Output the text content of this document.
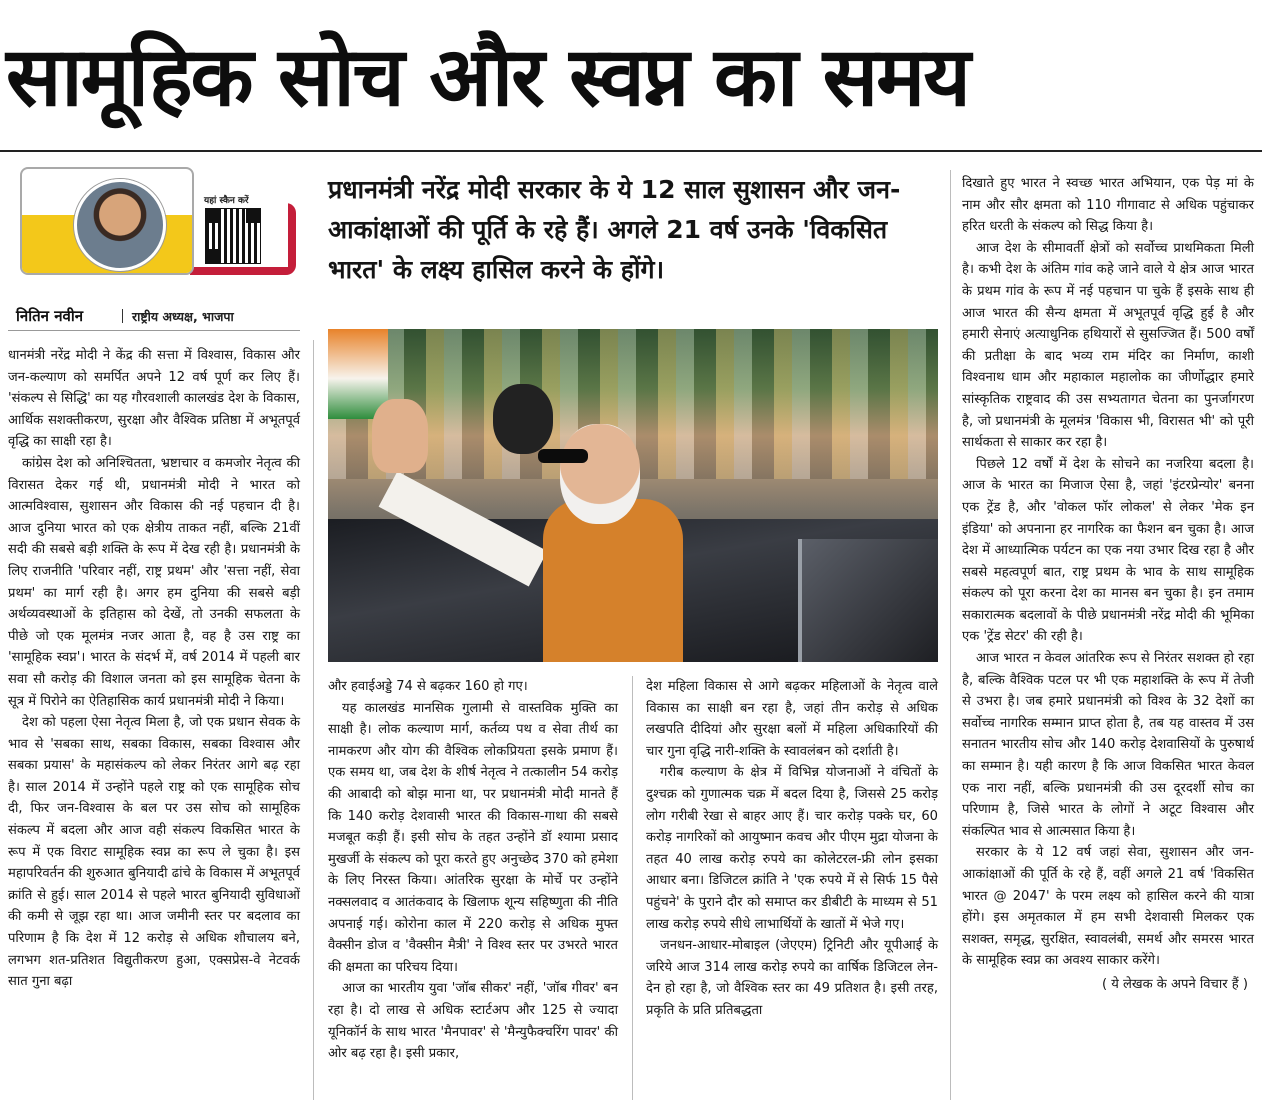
सामूहिक सोच और स्वप्न का समय
यहां स्कैन करें
नितिन नवीन	राष्ट्रीय अध्यक्ष, भाजपा

प्रधानमंत्री नरेंद्र मोदी सरकार के ये 12 साल सुशासन और जन-आकांक्षाओं की पूर्ति के रहे हैं। अगले 21 वर्ष उनके 'विकसित भारत' के लक्ष्य हासिल करने के होंगे।

धानमंत्री नरेंद्र मोदी ने केंद्र की सत्ता में विश्वास, विकास और जन-कल्याण को समर्पित अपने 12 वर्ष पूर्ण कर लिए हैं। 'संकल्प से सिद्धि' का यह गौरवशाली कालखंड देश के विकास, आर्थिक सशक्तीकरण, सुरक्षा और वैश्विक प्रतिष्ठा में अभूतपूर्व वृद्धि का साक्षी रहा है।

कांग्रेस देश को अनिश्चितता, भ्रष्टाचार व कमजोर नेतृत्व की विरासत देकर गई थी, प्रधानमंत्री मोदी ने भारत को आत्मविश्वास, सुशासन और विकास की नई पहचान दी है। आज दुनिया भारत को एक क्षेत्रीय ताकत नहीं, बल्कि 21वीं सदी की सबसे बड़ी शक्ति के रूप में देख रही है। प्रधानमंत्री के लिए राजनीति 'परिवार नहीं, राष्ट्र प्रथम' और 'सत्ता नहीं, सेवा प्रथम' का मार्ग रही है। अगर हम दुनिया की सबसे बड़ी अर्थव्यवस्थाओं के इतिहास को देखें, तो उनकी सफलता के पीछे जो एक मूलमंत्र नजर आता है, वह है उस राष्ट्र का 'सामूहिक स्वप्न'। भारत के संदर्भ में, वर्ष 2014 में पहली बार सवा सौ करोड़ की विशाल जनता को इस सामूहिक चेतना के सूत्र में पिरोने का ऐतिहासिक कार्य प्रधानमंत्री मोदी ने किया।

देश को पहला ऐसा नेतृत्व मिला है, जो एक प्रधान सेवक के भाव से 'सबका साथ, सबका विकास, सबका विश्वास और सबका प्रयास' के महासंकल्प को लेकर निरंतर आगे बढ़ रहा है। साल 2014 में उन्होंने पहले राष्ट्र को एक सामूहिक सोच दी, फिर जन-विश्वास के बल पर उस सोच को सामूहिक संकल्प में बदला और आज वही संकल्प विकसित भारत के रूप में एक विराट सामूहिक स्वप्न का रूप ले चुका है। इस महापरिवर्तन की शुरुआत बुनियादी ढांचे के विकास में अभूतपूर्व क्रांति से हुई। साल 2014 से पहले भारत बुनियादी सुविधाओं की कमी से जूझ रहा था। आज जमीनी स्तर पर बदलाव का परिणाम है कि देश में 12 करोड़ से अधिक शौचालय बने, लगभग शत-प्रतिशत विद्युतीकरण हुआ, एक्सप्रेस-वे नेटवर्क सात गुना बढ़ा

और हवाईअड्डे 74 से बढ़कर 160 हो गए।

यह कालखंड मानसिक गुलामी से वास्तविक मुक्ति का साक्षी है। लोक कल्याण मार्ग, कर्तव्य पथ व सेवा तीर्थ का नामकरण और योग की वैश्विक लोकप्रियता इसके प्रमाण हैं। एक समय था, जब देश के शीर्ष नेतृत्व ने तत्कालीन 54 करोड़ की आबादी को बोझ माना था, पर प्रधानमंत्री मोदी मानते हैं कि 140 करोड़ देशवासी भारत की विकास-गाथा की सबसे मजबूत कड़ी हैं। इसी सोच के तहत उन्होंने डॉ श्यामा प्रसाद मुखर्जी के संकल्प को पूरा करते हुए अनुच्छेद 370 को हमेशा के लिए निरस्त किया। आंतरिक सुरक्षा के मोर्चे पर उन्होंने नक्सलवाद व आतंकवाद के खिलाफ शून्य सहिष्णुता की नीति अपनाई गई। कोरोना काल में 220 करोड़ से अधिक मुफ्त वैक्सीन डोज व 'वैक्सीन मैत्री' ने विश्व स्तर पर उभरते भारत की क्षमता का परिचय दिया।

आज का भारतीय युवा 'जॉब सीकर' नहीं, 'जॉब गीवर' बन रहा है। दो लाख से अधिक स्टार्टअप और 125 से ज्यादा यूनिकॉर्न के साथ भारत 'मैनपावर' से 'मैन्युफैक्चरिंग पावर' की ओर बढ़ रहा है। इसी प्रकार,

देश महिला विकास से आगे बढ़कर महिलाओं के नेतृत्व वाले विकास का साक्षी बन रहा है, जहां तीन करोड़ से अधिक लखपति दीदियां और सुरक्षा बलों में महिला अधिकारियों की चार गुना वृद्धि नारी-शक्ति के स्वावलंबन को दर्शाती है।

गरीब कल्याण के क्षेत्र में विभिन्न योजनाओं ने वंचितों के दुश्चक्र को गुणात्मक चक्र में बदल दिया है, जिससे 25 करोड़ लोग गरीबी रेखा से बाहर आए हैं। चार करोड़ पक्के घर, 60 करोड़ नागरिकों को आयुष्मान कवच और पीएम मुद्रा योजना के तहत 40 लाख करोड़ रुपये का कोलेटरल-फ्री लोन इसका आधार बना। डिजिटल क्रांति ने 'एक रुपये में से सिर्फ 15 पैसे पहुंचने' के पुराने दौर को समाप्त कर डीबीटी के माध्यम से 51 लाख करोड़ रुपये सीधे लाभार्थियों के खातों में भेजे गए।

जनधन-आधार-मोबाइल (जेएएम) ट्रिनिटी और यूपीआई के जरिये आज 314 लाख करोड़ रुपये का वार्षिक डिजिटल लेन-देन हो रहा है, जो वैश्विक स्तर का 49 प्रतिशत है। इसी तरह, प्रकृति के प्रति प्रतिबद्धता

दिखाते हुए भारत ने स्वच्छ भारत अभियान, एक पेड़ मां के नाम और सौर क्षमता को 110 गीगावाट से अधिक पहुंचाकर हरित धरती के संकल्प को सिद्ध किया है।

आज देश के सीमावर्ती क्षेत्रों को सर्वोच्च प्राथमिकता मिली है। कभी देश के अंतिम गांव कहे जाने वाले ये क्षेत्र आज भारत के प्रथम गांव के रूप में नई पहचान पा चुके हैं इसके साथ ही आज भारत की सैन्य क्षमता में अभूतपूर्व वृद्धि हुई है और हमारी सेनाएं अत्याधुनिक हथियारों से सुसज्जित हैं। 500 वर्षों की प्रतीक्षा के बाद भव्य राम मंदिर का निर्माण, काशी विश्वनाथ धाम और महाकाल महालोक का जीर्णोद्धार हमारे सांस्कृतिक राष्ट्रवाद की उस सभ्यतागत चेतना का पुनर्जागरण है, जो प्रधानमंत्री के मूलमंत्र 'विकास भी, विरासत भी' को पूरी सार्थकता से साकार कर रहा है।

पिछले 12 वर्षों में देश के सोचने का नजरिया बदला है। आज के भारत का मिजाज ऐसा है, जहां 'इंटरप्रेन्योर' बनना एक ट्रेंड है, और 'वोकल फॉर लोकल' से लेकर 'मेक इन इंडिया' को अपनाना हर नागरिक का फैशन बन चुका है। आज देश में आध्यात्मिक पर्यटन का एक नया उभार दिख रहा है और सबसे महत्वपूर्ण बात, राष्ट्र प्रथम के भाव के साथ सामूहिक संकल्प को पूरा करना देश का मानस बन चुका है। इन तमाम सकारात्मक बदलावों के पीछे प्रधानमंत्री नरेंद्र मोदी की भूमिका एक 'ट्रेंड सेटर' की रही है।

आज भारत न केवल आंतरिक रूप से निरंतर सशक्त हो रहा है, बल्कि वैश्विक पटल पर भी एक महाशक्ति के रूप में तेजी से उभरा है। जब हमारे प्रधानमंत्री को विश्व के 32 देशों का सर्वोच्च नागरिक सम्मान प्राप्त होता है, तब यह वास्तव में उस सनातन भारतीय सोच और 140 करोड़ देशवासियों के पुरुषार्थ का सम्मान है। यही कारण है कि आज विकसित भारत केवल एक नारा नहीं, बल्कि प्रधानमंत्री की उस दूरदर्शी सोच का परिणाम है, जिसे भारत के लोगों ने अटूट विश्वास और संकल्पित भाव से आत्मसात किया है।

सरकार के ये 12 वर्ष जहां सेवा, सुशासन और जन-आकांक्षाओं की पूर्ति के रहे हैं, वहीं अगले 21 वर्ष 'विकसित भारत @ 2047' के परम लक्ष्य को हासिल करने की यात्रा होंगे। इस अमृतकाल में हम सभी देशवासी मिलकर एक सशक्त, समृद्ध, सुरक्षित, स्वावलंबी, समर्थ और समरस भारत के सामूहिक स्वप्न का अवश्य साकार करेंगे।

( ये लेखक के अपने विचार हैं )
